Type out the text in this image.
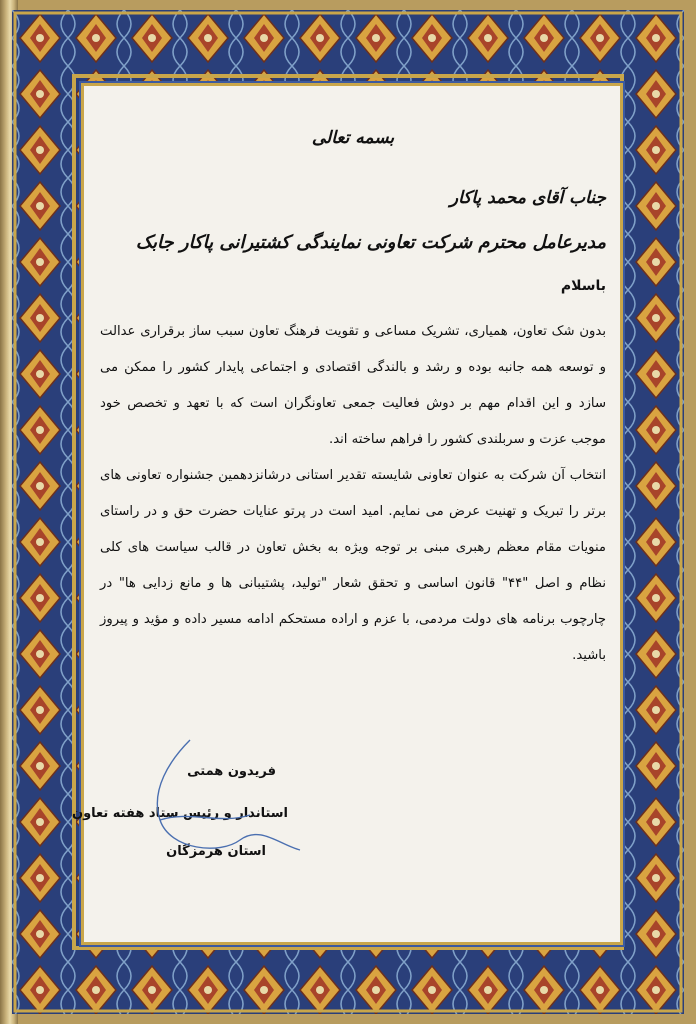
بسمه تعالی
جناب آقای محمد پاکار
مدیرعامل محترم شرکت تعاونی نمایندگی کشتیرانی پاکار جابک
باسلام

بدون شک تعاون، همیاری، تشریک مساعی و تقویت فرهنگ تعاون سبب ساز برقراری عدالت و توسعه همه جانبه بوده و رشد و بالندگی اقتصادی و اجتماعی پایدار کشور را ممکن می سازد و این اقدام مهم بر دوش فعالیت جمعی تعاونگران است که با تعهد و تخصص خود موجب عزت و سربلندی کشور را فراهم ساخته اند.

انتخاب آن شرکت به عنوان تعاونی شایسته تقدیر استانی درشانزدهمین جشنواره تعاونی های برتر را تبریک و تهنیت عرض می نمایم. امید است در پرتو عنایات حضرت حق و در راستای منویات مقام معظم رهبری مبنی بر توجه ویژه به بخش تعاون در قالب سیاست های کلی نظام و اصل "۴۴" قانون اساسی و تحقق شعار "تولید، پشتیبانی ها و مانع زدایی ها" در چارچوب برنامه های دولت مردمی، با عزم و اراده مستحکم ادامه مسیر داده و مؤید و پیروز باشید.

فریدون همتی
استاندار و رئیس ستاد هفته تعاون
استان هرمزگان
